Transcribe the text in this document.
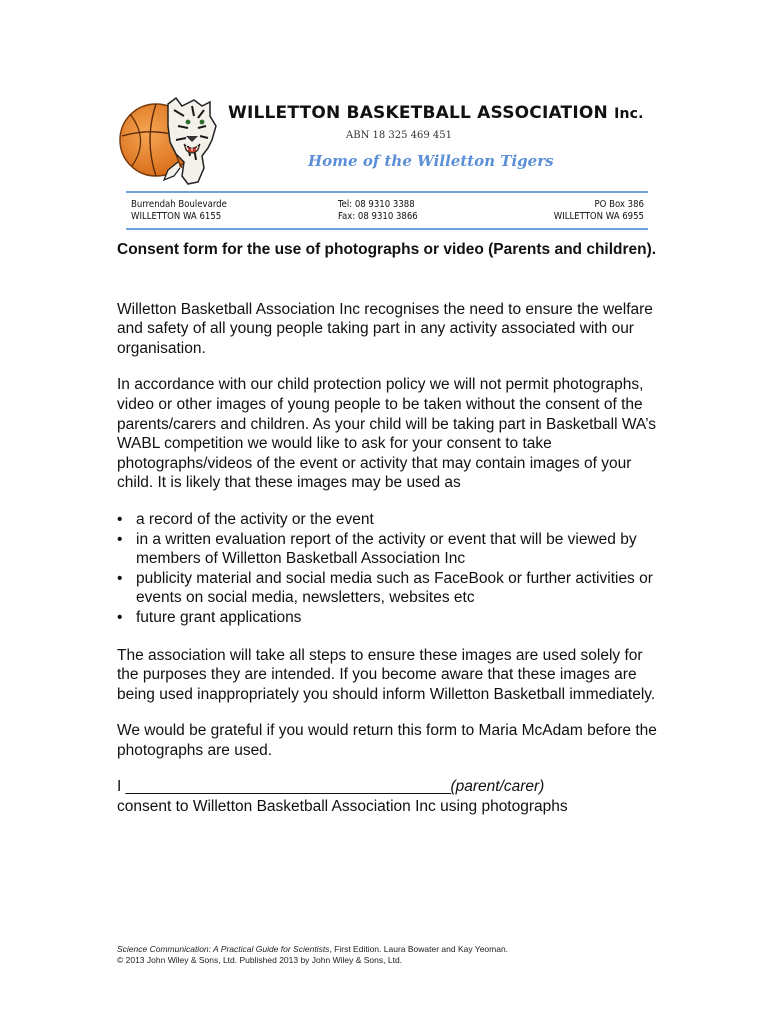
WILLETTON BASKETBALL ASSOCIATION Inc.
ABN 18 325 469 451
Home of the Willetton Tigers
Burrendah Boulevarde
WILLETTON WA 6155
Tel: 08 9310 3388
Fax: 08 9310 3866
PO Box 386
WILLETTON WA 6955

Consent form for the use of photographs or video (Parents and children).

Willetton Basketball Association Inc recognises the need to ensure the welfare and safety of all young people taking part in any activity associated with our organisation.

In accordance with our child protection policy we will not permit photographs, video or other images of young people to be taken without the consent of the parents/carers and children. As your child will be taking part in Basketball WA’s WABL competition we would like to ask for your consent to take photographs/videos of the event or activity that may contain images of your child. It is likely that these images may be used as

• a record of the activity or the event
• in a written evaluation report of the activity or event that will be viewed by members of Willetton Basketball Association Inc
• publicity material and social media such as FaceBook or further activities or events on social media, newsletters, websites etc
• future grant applications

The association will take all steps to ensure these images are used solely for the purposes they are intended. If you become aware that these images are being used inappropriately you should inform Willetton Basketball immediately.

We would be grateful if you would return this form to Maria McAdam before the photographs are used.

I ________________________________________(parent/carer)
consent to Willetton Basketball Association Inc using photographs

Science Communication: A Practical Guide for Scientists, First Edition. Laura Bowater and Kay Yeoman.
© 2013 John Wiley & Sons, Ltd. Published 2013 by John Wiley & Sons, Ltd.
